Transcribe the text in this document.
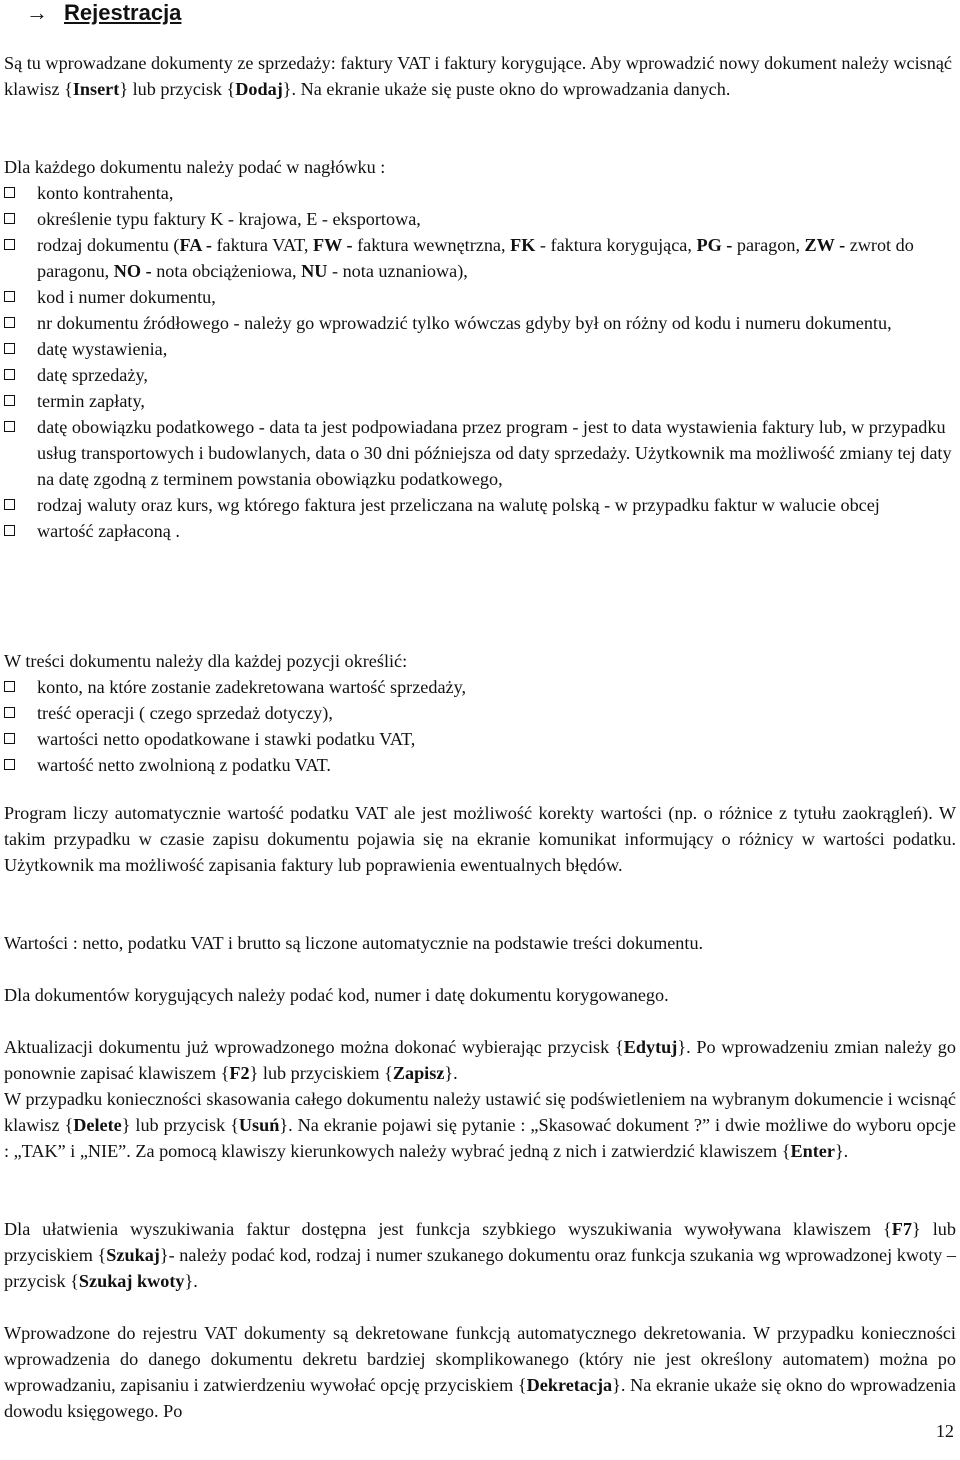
→ Rejestracja

Są tu wprowadzane dokumenty ze sprzedaży: faktury VAT i faktury korygujące. Aby wprowadzić nowy dokument należy wcisnąć klawisz {Insert} lub przycisk {Dodaj}. Na ekranie ukaże się puste okno do wprowadzania danych.

Dla każdego dokumentu należy podać w nagłówku :

konto kontrahenta,
określenie typu faktury K - krajowa, E - eksportowa,
rodzaj dokumentu (FA - faktura VAT, FW - faktura wewnętrzna, FK - faktura korygująca, PG - paragon, ZW - zwrot do paragonu, NO - nota obciążeniowa, NU - nota uznaniowa),
kod i numer dokumentu,
nr dokumentu źródłowego - należy go wprowadzić tylko wówczas gdyby był on różny od kodu i numeru dokumentu,
datę wystawienia,
datę sprzedaży,
termin zapłaty,
datę obowiązku podatkowego - data ta jest podpowiadana przez program - jest to data wystawienia faktury lub, w przypadku usług transportowych i budowlanych, data o 30 dni późniejsza od daty sprzedaży. Użytkownik ma możliwość zmiany tej daty na datę zgodną z terminem powstania obowiązku podatkowego,
rodzaj waluty oraz kurs, wg którego faktura jest przeliczana na walutę polską - w przypadku faktur w walucie obcej
wartość zapłaconą .

W treści dokumentu należy dla każdej pozycji określić:

konto, na które zostanie zadekretowana wartość sprzedaży,
treść operacji ( czego sprzedaż dotyczy),
wartości netto opodatkowane i stawki podatku VAT,
wartość netto zwolnioną z podatku VAT.

Program liczy automatycznie wartość podatku VAT ale jest możliwość korekty wartości (np. o różnice z tytułu zaokrągleń). W takim przypadku w czasie zapisu dokumentu pojawia się na ekranie komunikat informujący o różnicy w wartości podatku. Użytkownik ma możliwość zapisania faktury lub poprawienia ewentualnych błędów.

Wartości : netto, podatku VAT i brutto są liczone automatycznie na podstawie treści dokumentu.

Dla dokumentów korygujących należy podać kod, numer i datę dokumentu korygowanego.

Aktualizacji dokumentu już wprowadzonego można dokonać wybierając przycisk {Edytuj}. Po wprowadzeniu zmian należy go ponownie zapisać klawiszem {F2} lub przyciskiem {Zapisz}.

W przypadku konieczności skasowania całego dokumentu należy ustawić się podświetleniem na wybranym dokumencie i wcisnąć klawisz {Delete} lub przycisk {Usuń}. Na ekranie pojawi się pytanie : „Skasować dokument ?” i dwie możliwe do wyboru opcje : „TAK” i „NIE”. Za pomocą klawiszy kierunkowych należy wybrać jedną z nich i zatwierdzić klawiszem {Enter}.

Dla ułatwienia wyszukiwania faktur dostępna jest funkcja szybkiego wyszukiwania wywoływana klawiszem {F7} lub przyciskiem {Szukaj}- należy podać kod, rodzaj i numer szukanego dokumentu oraz funkcja szukania wg wprowadzonej kwoty – przycisk {Szukaj kwoty}.

Wprowadzone do rejestru VAT dokumenty są dekretowane funkcją automatycznego dekretowania. W przypadku konieczności wprowadzenia do danego dokumentu dekretu bardziej skomplikowanego (który nie jest określony automatem) można po wprowadzaniu, zapisaniu i zatwierdzeniu wywołać opcję przyciskiem {Dekretacja}. Na ekranie ukaże się okno do wprowadzenia dowodu księgowego. Po

12
